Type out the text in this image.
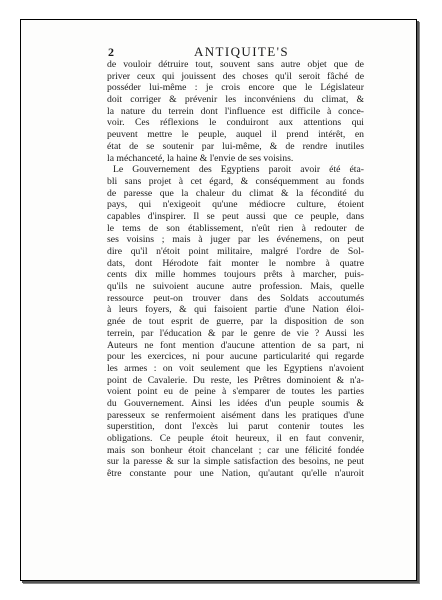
2	ANTIQUITE'S

de vouloir détruire tout, souvent sans autre objet que de
priver ceux qui jouissent des choses qu'il seroit fâché de
posséder lui-même : je crois encore que le Législateur
doit corriger & prévenir les inconvéniens du climat, &
la nature du terrein dont l'influence est difficile à conce-
voir. Ces réflexions le conduiront aux attentions qui
peuvent mettre le peuple, auquel il prend intérêt, en
état de se soutenir par lui-même, & de rendre inutiles
la méchanceté, la haine & l'envie de ses voisins.

Le Gouvernement des Egyptiens paroit avoir été éta-
bli sans projet à cet égard, & conséquemment au fonds
de paresse que la chaleur du climat & la fécondité du
pays, qui n'exigeoit qu'une médiocre culture, étoient
capables d'inspirer. Il se peut aussi que ce peuple, dans
le tems de son établissement, n'eût rien à redouter de
ses voisins ; mais à juger par les événemens, on peut
dire qu'il n'étoit point militaire, malgré l'ordre de Sol-
dats, dont Hérodote fait monter le nombre à quatre
cents dix mille hommes toujours prêts à marcher, puis-
qu'ils ne suivoient aucune autre profession. Mais, quelle
ressource peut-on trouver dans des Soldats accoutumés
à leurs foyers, & qui faisoient partie d'une Nation éloi-
gnée de tout esprit de guerre, par la disposition de son
terrein, par l'éducation & par le genre de vie ? Aussi les
Auteurs ne font mention d'aucune attention de sa part, ni
pour les exercices, ni pour aucune particularité qui regarde
les armes : on voit seulement que les Egyptiens n'avoient
point de Cavalerie. Du reste, les Prêtres dominoient & n'a-
voient point eu de peine à s'emparer de toutes les parties
du Gouvernement. Ainsi les idées d'un peuple soumis &
paresseux se renfermoient aisément dans les pratiques d'une
superstition, dont l'excès lui parut contenir toutes les
obligations. Ce peuple étoit heureux, il en faut convenir,
mais son bonheur étoit chancelant ; car une félicité fondée
sur la paresse & sur la simple satisfaction des besoins, ne peut
être constante pour une Nation, qu'autant qu'elle n'auroit
